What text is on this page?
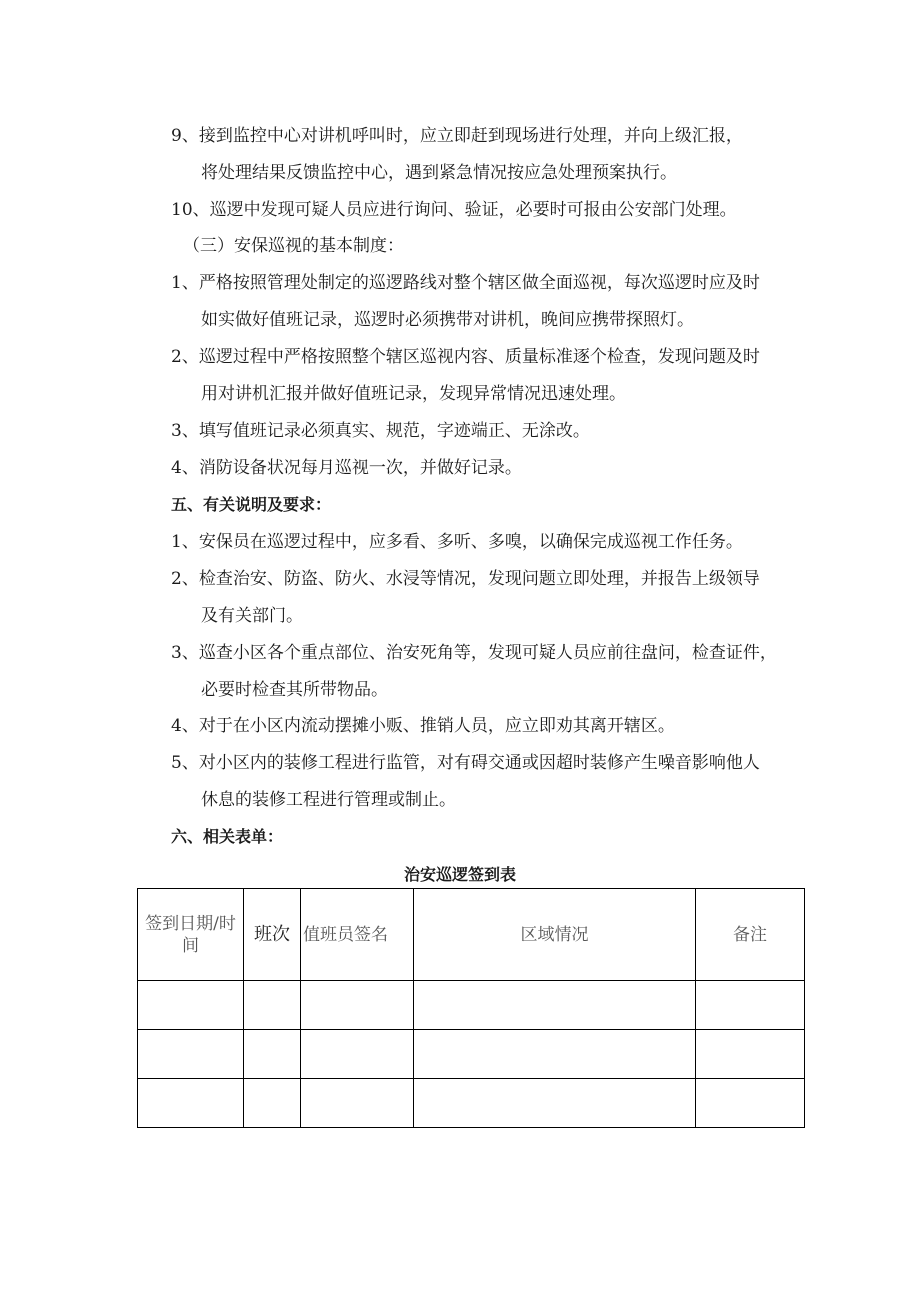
9、接到监控中心对讲机呼叫时，应立即赶到现场进行处理，并向上级汇报，
将处理结果反馈监控中心，遇到紧急情况按应急处理预案执行。
10、巡逻中发现可疑人员应进行询问、验证，必要时可报由公安部门处理。
（三）安保巡视的基本制度：
1、严格按照管理处制定的巡逻路线对整个辖区做全面巡视，每次巡逻时应及时
如实做好值班记录，巡逻时必须携带对讲机，晚间应携带探照灯。
2、巡逻过程中严格按照整个辖区巡视内容、质量标准逐个检查，发现问题及时
用对讲机汇报并做好值班记录，发现异常情况迅速处理。
3、填写值班记录必须真实、规范，字迹端正、无涂改。
4、消防设备状况每月巡视一次，并做好记录。
五、有关说明及要求：
1、安保员在巡逻过程中，应多看、多听、多嗅，以确保完成巡视工作任务。
2、检查治安、防盗、防火、水浸等情况，发现问题立即处理，并报告上级领导
及有关部门。
3、巡查小区各个重点部位、治安死角等，发现可疑人员应前往盘问，检查证件，
必要时检查其所带物品。
4、对于在小区内流动摆摊小贩、推销人员，应立即劝其离开辖区。
5、对小区内的装修工程进行监管，对有碍交通或因超时装修产生噪音影响他人
休息的装修工程进行管理或制止。
六、相关表单：
治安巡逻签到表
签到日期/时
间	班次	值班员签名	区域情况	备注
